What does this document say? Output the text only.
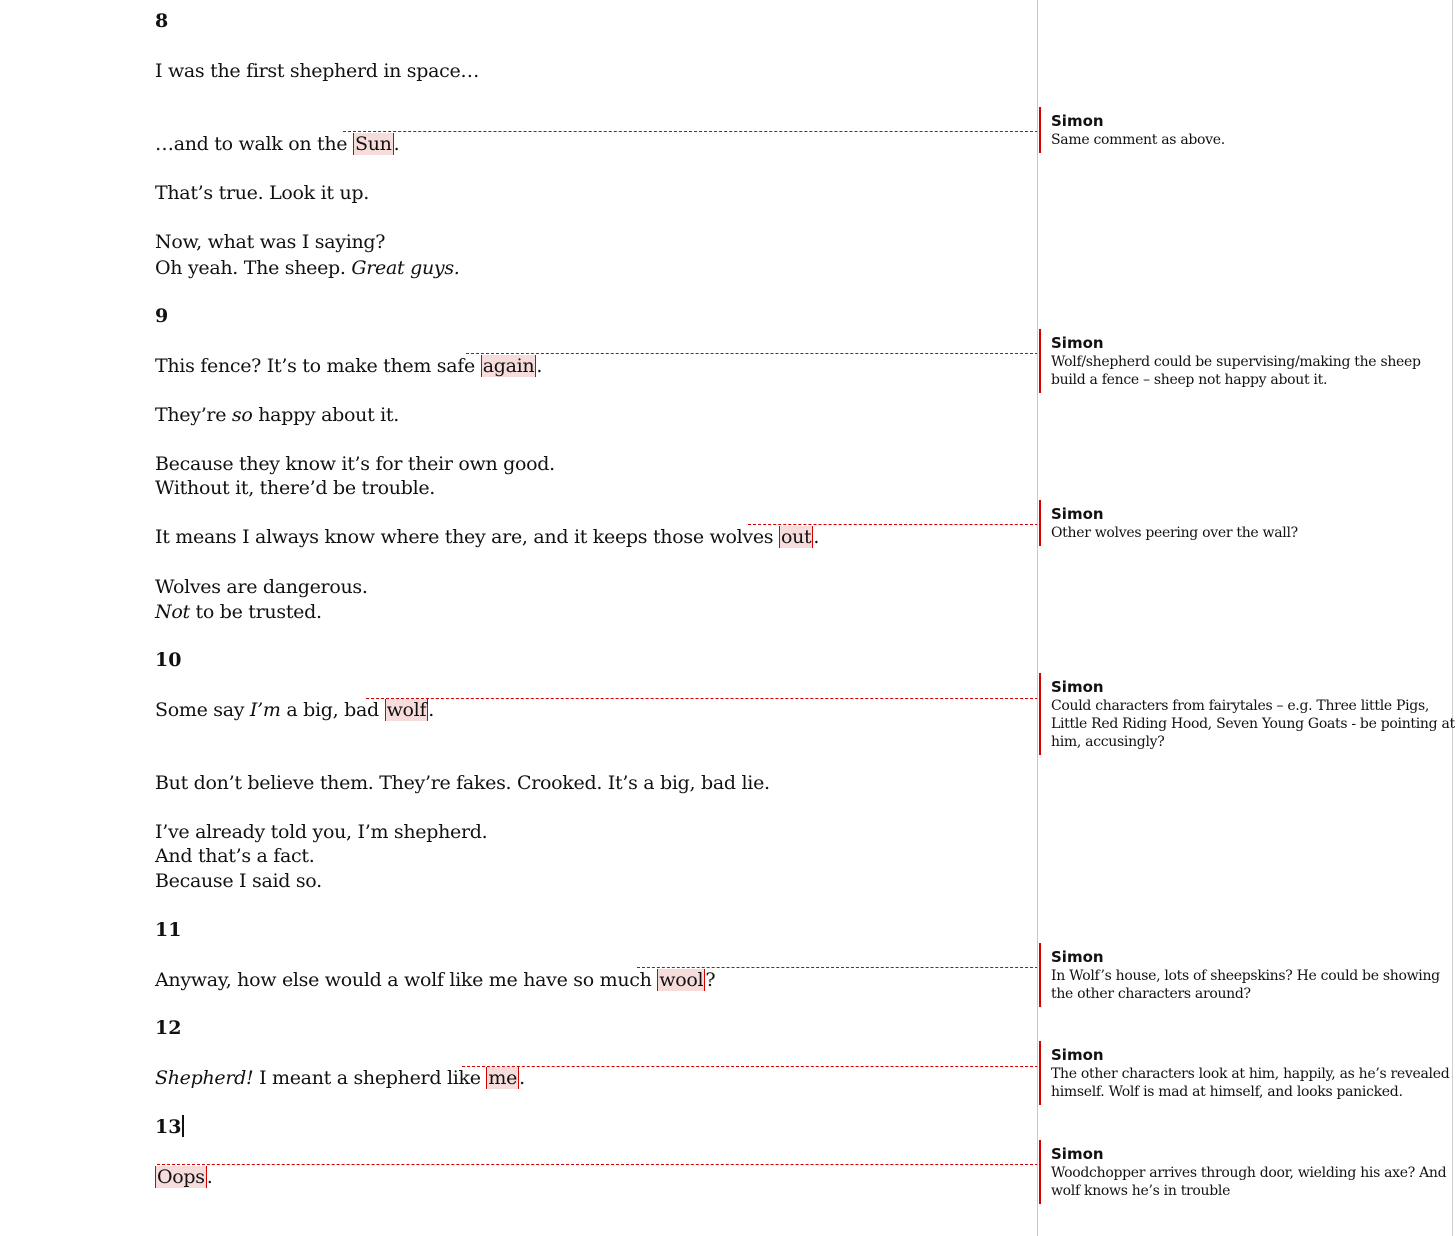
8
I was the first shepherd in space…
…and to walk on the Sun .
That’s true. Look it up.
Now, what was I saying?
Oh yeah. The sheep. Great guys.
9
This fence? It’s to make them safe again .
They’re so happy about it.
Because they know it’s for their own good.
Without it, there’d be trouble.
It means I always know where they are, and it keeps those wolves out .
Wolves are dangerous.
Not to be trusted.
10
Some say I’m a big, bad wolf .
But don’t believe them. They’re fakes. Crooked. It’s a big, bad lie.
I’ve already told you, I’m shepherd.
And that’s a fact.
Because I said so.
11
Anyway, how else would a wolf like me have so much wool ?
12
Shepherd! I meant a shepherd like me .
13
Oops .
Simon
Same comment as above.
Simon
Wolf/shepherd could be supervising/making the sheep build a fence – sheep not happy about it.
Simon
Other wolves peering over the wall?
Simon
Could characters from fairytales – e.g. Three little Pigs, Little Red Riding Hood, Seven Young Goats - be pointing at him, accusingly?
Simon
In Wolf’s house, lots of sheepskins? He could be showing the other characters around?
Simon
The other characters look at him, happily, as he’s revealed himself. Wolf is mad at himself, and looks panicked.
Simon
Woodchopper arrives through door, wielding his axe? And wolf knows he’s in trouble
